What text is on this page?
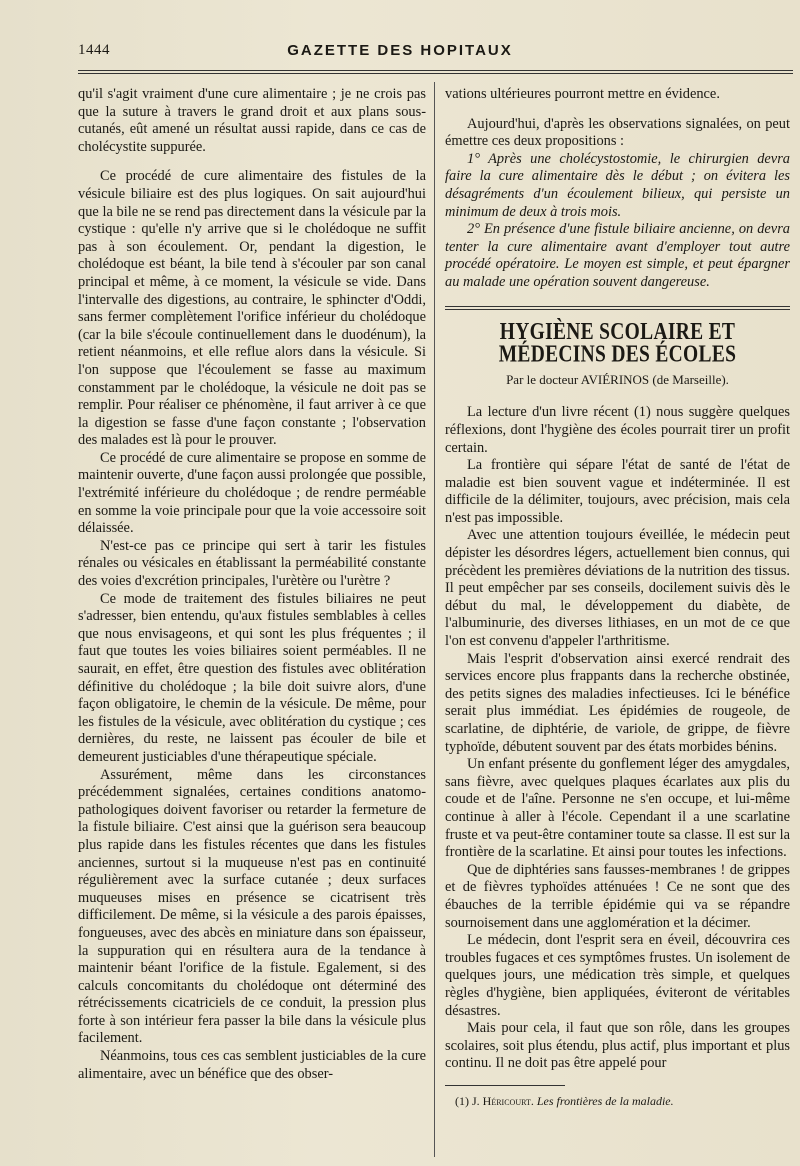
1444	GAZETTE DES HOPITAUX

qu'il s'agit vraiment d'une cure alimentaire ; je ne crois pas que la suture à travers le grand droit et aux plans sous-cutanés, eût amené un résultat aussi rapide, dans ce cas de cholécystite suppurée.

Ce procédé de cure alimentaire des fistules de la vésicule biliaire est des plus logiques. On sait aujourd'hui que la bile ne se rend pas directement dans la vésicule par la cystique : qu'elle n'y arrive que si le cholédoque ne suffit pas à son écoulement. Or, pendant la digestion, le cholédoque est béant, la bile tend à s'écouler par son canal principal et même, à ce moment, la vésicule se vide. Dans l'intervalle des digestions, au contraire, le sphincter d'Oddi, sans fermer complètement l'orifice inférieur du cholédoque (car la bile s'écoule continuellement dans le duodénum), la retient néanmoins, et elle reflue alors dans la vésicule. Si l'on suppose que l'écoulement se fasse au maximum constamment par le cholédoque, la vésicule ne doit pas se remplir. Pour réaliser ce phénomène, il faut arriver à ce que la digestion se fasse d'une façon constante ; l'observation des malades est là pour le prouver.

Ce procédé de cure alimentaire se propose en somme de maintenir ouverte, d'une façon aussi prolongée que possible, l'extrémité inférieure du cholédoque ; de rendre perméable en somme la voie principale pour que la voie accessoire soit délaissée.

N'est-ce pas ce principe qui sert à tarir les fistules rénales ou vésicales en établissant la perméabilité constante des voies d'excrétion principales, l'urètère ou l'urètre ?

Ce mode de traitement des fistules biliaires ne peut s'adresser, bien entendu, qu'aux fistules semblables à celles que nous envisageons, et qui sont les plus fréquentes ; il faut que toutes les voies biliaires soient perméables. Il ne saurait, en effet, être question des fistules avec oblitération définitive du cholédoque ; la bile doit suivre alors, d'une façon obligatoire, le chemin de la vésicule. De même, pour les fistules de la vésicule, avec oblitération du cystique ; ces dernières, du reste, ne laissent pas écouler de bile et demeurent justiciables d'une thérapeutique spéciale.

Assurément, même dans les circonstances précédemment signalées, certaines conditions anatomo-pathologiques doivent favoriser ou retarder la fermeture de la fistule biliaire. C'est ainsi que la guérison sera beaucoup plus rapide dans les fistules récentes que dans les fistules anciennes, surtout si la muqueuse n'est pas en continuité régulièrement avec la surface cutanée ; deux surfaces muqueuses mises en présence se cicatrisent très difficilement. De même, si la vésicule a des parois épaisses, fongueuses, avec des abcès en miniature dans son épaisseur, la suppuration qui en résultera aura de la tendance à maintenir béant l'orifice de la fistule. Egalement, si des calculs concomitants du cholédoque ont déterminé des rétrécissements cicatriciels de ce conduit, la pression plus forte à son intérieur fera passer la bile dans la vésicule plus facilement.

Néanmoins, tous ces cas semblent justiciables de la cure alimentaire, avec un bénéfice que des obser-

vations ultérieures pourront mettre en évidence.

Aujourd'hui, d'après les observations signalées, on peut émettre ces deux propositions :

1° Après une cholécystostomie, le chirurgien devra faire la cure alimentaire dès le début ; on évitera les désagréments d'un écoulement bilieux, qui persiste un minimum de deux à trois mois.

2° En présence d'une fistule biliaire ancienne, on devra tenter la cure alimentaire avant d'employer tout autre procédé opératoire. Le moyen est simple, et peut épargner au malade une opération souvent dangereuse.

HYGIÈNE SCOLAIRE ET MÉDECINS DES ÉCOLES
Par le docteur AVIÉRINOS (de Marseille).

La lecture d'un livre récent (1) nous suggère quelques réflexions, dont l'hygiène des écoles pourrait tirer un profit certain.

La frontière qui sépare l'état de santé de l'état de maladie est bien souvent vague et indéterminée. Il est difficile de la délimiter, toujours, avec précision, mais cela n'est pas impossible.

Avec une attention toujours éveillée, le médecin peut dépister les désordres légers, actuellement bien connus, qui précèdent les premières déviations de la nutrition des tissus. Il peut empêcher par ses conseils, docilement suivis dès le début du mal, le développement du diabète, de l'albuminurie, des diverses lithiases, en un mot de ce que l'on est convenu d'appeler l'arthritisme.

Mais l'esprit d'observation ainsi exercé rendrait des services encore plus frappants dans la recherche obstinée, des petits signes des maladies infectieuses. Ici le bénéfice serait plus immédiat. Les épidémies de rougeole, de scarlatine, de diphtérie, de variole, de grippe, de fièvre typhoïde, débutent souvent par des états morbides bénins.

Un enfant présente du gonflement léger des amygdales, sans fièvre, avec quelques plaques écarlates aux plis du coude et de l'aîne. Personne ne s'en occupe, et lui-même continue à aller à l'école. Cependant il a une scarlatine fruste et va peut-être contaminer toute sa classe. Il est sur la frontière de la scarlatine. Et ainsi pour toutes les infections.

Que de diphtéries sans fausses-membranes ! de grippes et de fièvres typhoïdes atténuées ! Ce ne sont que des ébauches de la terrible épidémie qui va se répandre sournoisement dans une agglomération et la décimer.

Le médecin, dont l'esprit sera en éveil, découvrira ces troubles fugaces et ces symptômes frustes. Un isolement de quelques jours, une médication très simple, et quelques règles d'hygiène, bien appliquées, éviteront de véritables désastres.

Mais pour cela, il faut que son rôle, dans les groupes scolaires, soit plus étendu, plus actif, plus important et plus continu. Il ne doit pas être appelé pour

(1) J. Héricourt. Les frontières de la maladie.
